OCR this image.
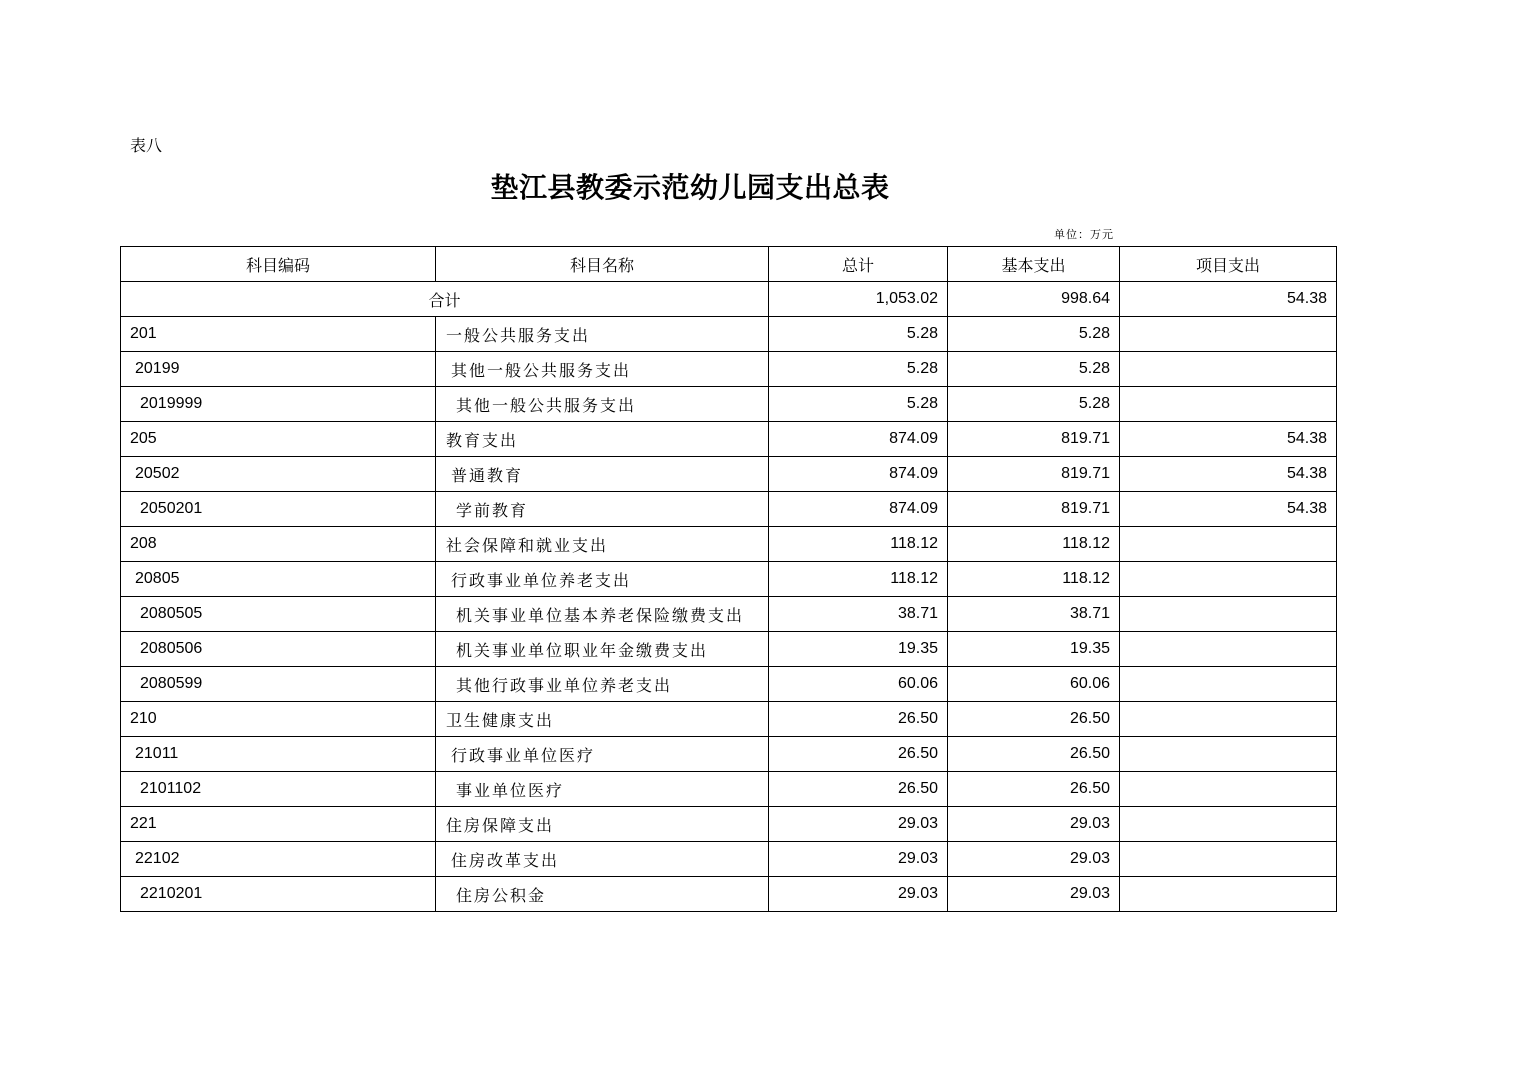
表八
垫江县教委示范幼儿园支出总表
单位：万元
科目编码	科目名称	总计	基本支出	项目支出
合计		1,053.02	998.64	54.38
201	一般公共服务支出	5.28	5.28	
20199	其他一般公共服务支出	5.28	5.28	
2019999	其他一般公共服务支出	5.28	5.28	
205	教育支出	874.09	819.71	54.38
20502	普通教育	874.09	819.71	54.38
2050201	学前教育	874.09	819.71	54.38
208	社会保障和就业支出	118.12	118.12	
20805	行政事业单位养老支出	118.12	118.12	
2080505	机关事业单位基本养老保险缴费支出	38.71	38.71	
2080506	机关事业单位职业年金缴费支出	19.35	19.35	
2080599	其他行政事业单位养老支出	60.06	60.06	
210	卫生健康支出	26.50	26.50	
21011	行政事业单位医疗	26.50	26.50	
2101102	事业单位医疗	26.50	26.50	
221	住房保障支出	29.03	29.03	
22102	住房改革支出	29.03	29.03	
2210201	住房公积金	29.03	29.03	
